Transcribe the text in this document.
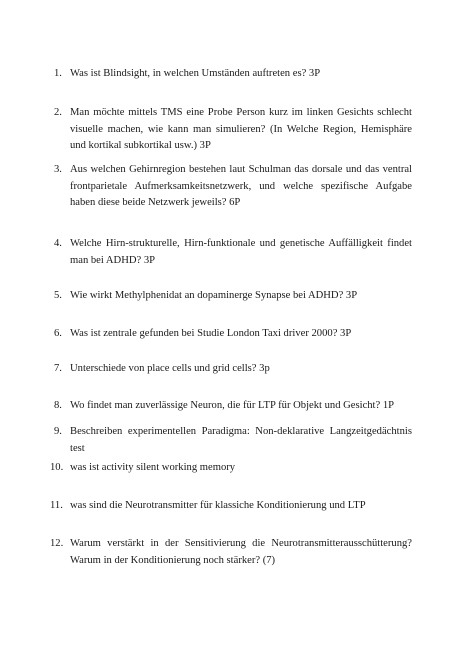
1. Was ist Blindsight, in welchen Umständen auftreten es? 3P
2. Man möchte mittels TMS eine Probe Person kurz im linken Gesichts schlecht visuelle machen, wie kann man simulieren? (In Welche Region, Hemisphäre und kortikal subkortikal usw.) 3P
3. Aus welchen Gehirnregion bestehen laut Schulman das dorsale und das ventral frontparietale Aufmerksamkeitsnetzwerk, und welche spezifische Aufgabe haben diese beide Netzwerk jeweils? 6P
4. Welche Hirn-strukturelle, Hirn-funktionale und genetische Auffälligkeit findet man bei ADHD? 3P
5. Wie wirkt Methylphenidat an dopaminerge Synapse bei ADHD? 3P
6. Was ist zentrale gefunden bei Studie London Taxi driver 2000? 3P
7. Unterschiede von place cells und grid cells? 3p
8. Wo findet man zuverlässige Neuron, die für LTP für Objekt und Gesicht? 1P
9. Beschreiben experimentellen Paradigma: Non-deklarative Langzeitgedächtnis test
10. was ist activity silent working memory
11. was sind die Neurotransmitter für klassiche Konditionierung und LTP
12. Warum verstärkt in der Sensitivierung die Neurotransmitterausschütterung? Warum in der Konditionierung noch stärker? (7)
